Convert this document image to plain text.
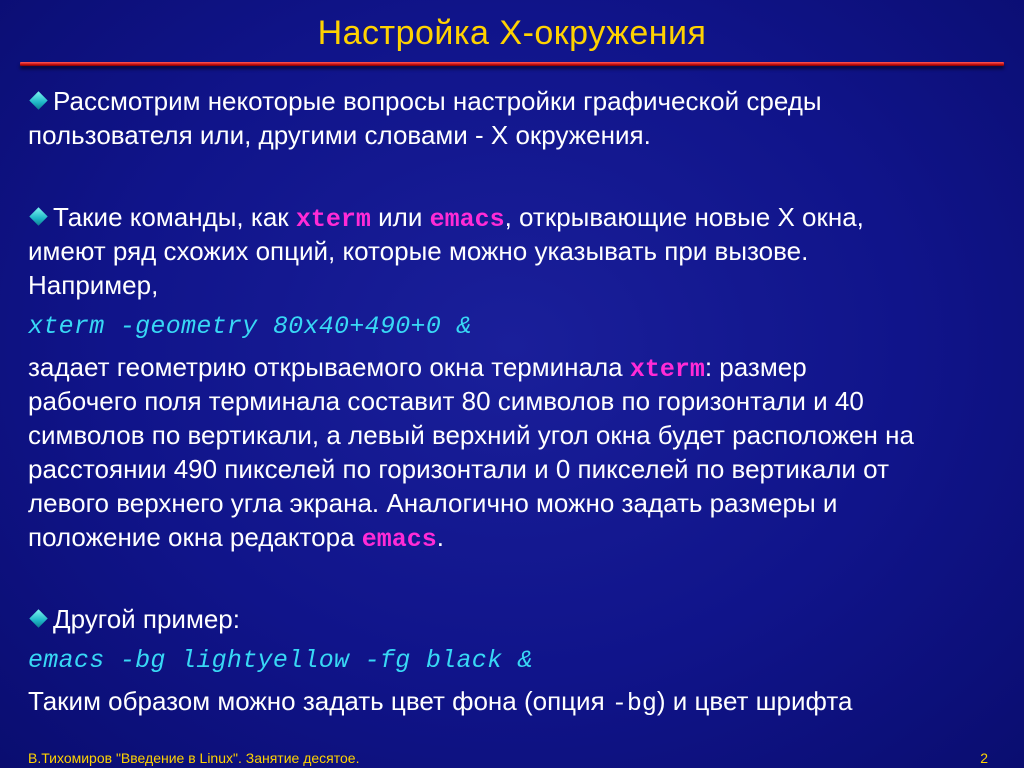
Настройка X-окружения
Рассмотрим некоторые вопросы настройки графической среды
пользователя или, другими словами - X окружения.
Такие команды, как xterm или emacs, открывающие новые X окна,
имеют ряд схожих опций, которые можно указывать при вызове.
Например,
xterm -geometry 80x40+490+0 &
задает геометрию открываемого окна терминала xterm: размер
рабочего поля терминала составит 80 символов по горизонтали и 40
символов по вертикали, а левый верхний угол окна будет расположен на
расстоянии 490 пикселей по горизонтали и 0 пикселей по вертикали от
левого верхнего угла экрана. Аналогично можно задать размеры и
положение окна редактора emacs.
Другой пример:
emacs -bg lightyellow -fg black &
Таким образом можно задать цвет фона (опция -bg) и цвет шрифта
В.Тихомиров "Введение в Linux". Занятие десятое.	2
